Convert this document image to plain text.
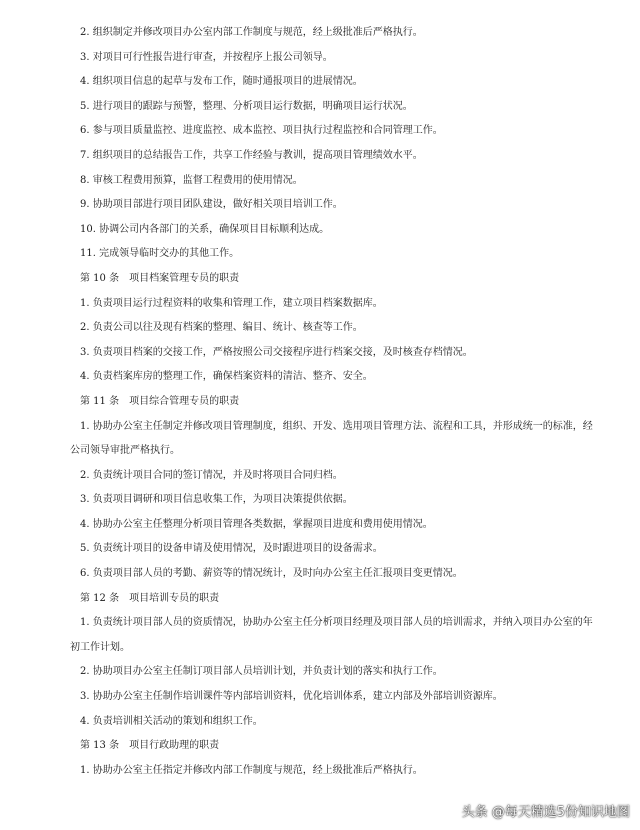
2. 组织制定并修改项目办公室内部工作制度与规范，经上级批准后严格执行。

3. 对项目可行性报告进行审查，并按程序上报公司领导。

4. 组织项目信息的起草与发布工作，随时通报项目的进展情况。

5. 进行项目的跟踪与预警，整理、分析项目运行数据，明确项目运行状况。

6. 参与项目质量监控、进度监控、成本监控、项目执行过程监控和合同管理工作。

7. 组织项目的总结报告工作，共享工作经验与教训，提高项目管理绩效水平。

8. 审核工程费用预算，监督工程费用的使用情况。

9. 协助项目部进行项目团队建设，做好相关项目培训工作。

10. 协调公司内各部门的关系，确保项目目标顺利达成。

11. 完成领导临时交办的其他工作。

第 10 条　项目档案管理专员的职责

1. 负责项目运行过程资料的收集和管理工作，建立项目档案数据库。

2. 负责公司以往及现有档案的整理、编目、统计、核查等工作。

3. 负责项目档案的交接工作，严格按照公司交接程序进行档案交接，及时核查存档情况。

4. 负责档案库房的整理工作，确保档案资料的清洁、整齐、安全。

第 11 条　项目综合管理专员的职责

1. 协助办公室主任制定并修改项目管理制度，组织、开发、选用项目管理方法、流程和工具，并形成统一的标准，经

公司领导审批严格执行。

2. 负责统计项目合同的签订情况，并及时将项目合同归档。

3. 负责项目调研和项目信息收集工作，为项目决策提供依据。

4. 协助办公室主任整理分析项目管理各类数据，掌握项目进度和费用使用情况。

5. 负责统计项目的设备申请及使用情况，及时跟进项目的设备需求。

6. 负责项目部人员的考勤、薪资等的情况统计，及时向办公室主任汇报项目变更情况。

第 12 条　项目培训专员的职责

1. 负责统计项目部人员的资质情况，协助办公室主任分析项目经理及项目部人员的培训需求，并纳入项目办公室的年

初工作计划。

2. 协助项目办公室主任制订项目部人员培训计划，并负责计划的落实和执行工作。

3. 协助办公室主任制作培训课件等内部培训资料，优化培训体系，建立内部及外部培训资源库。

4. 负责培训相关活动的策划和组织工作。

第 13 条　项目行政助理的职责

1. 协助办公室主任指定并修改内部工作制度与规范，经上级批准后严格执行。

头条 @每天精选5份知识地图
